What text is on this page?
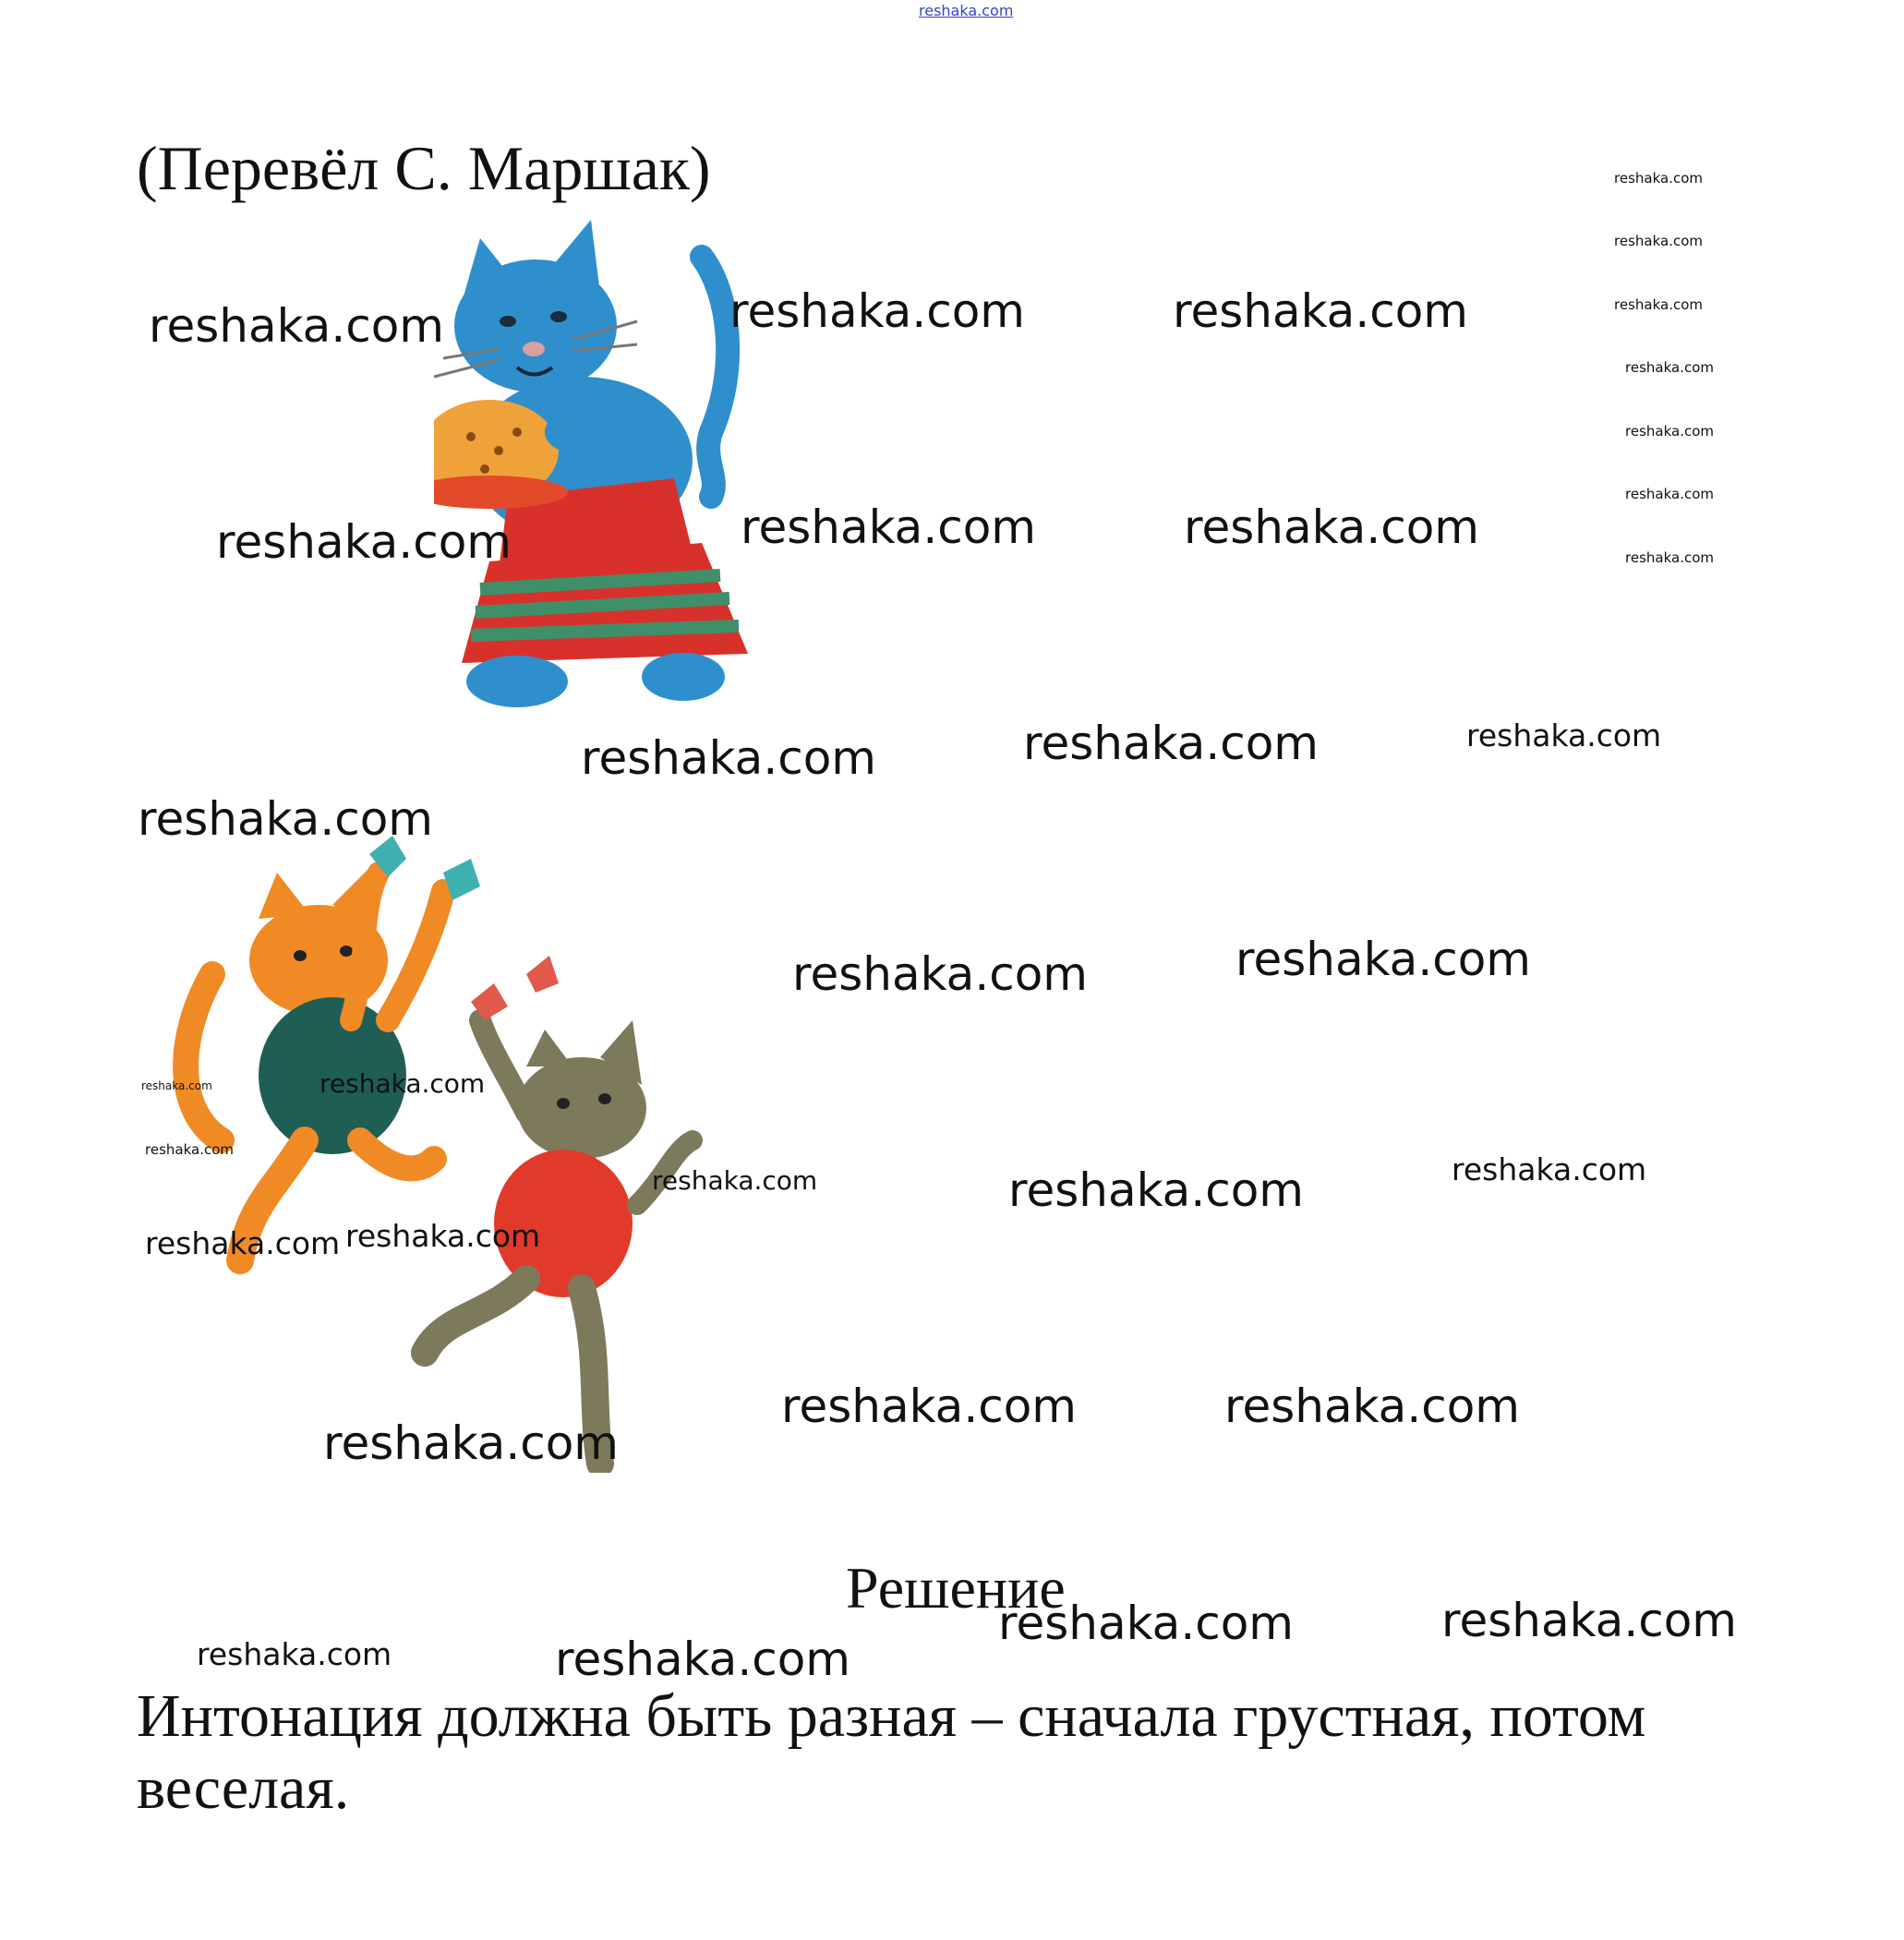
reshaka.com
(Перевёл С. Маршак)
Решение
Интонация должна быть разная – сначала грустная, потом веселая.
reshaka.com
reshaka.com
reshaka.com
reshaka.com
reshaka.com
reshaka.com
reshaka.com
reshaka.com	reshaka.com	reshaka.com
reshaka.com	reshaka.com	reshaka.com
reshaka.com	reshaka.com	reshaka.com
reshaka.com
reshaka.com	reshaka.com
reshaka.com
reshaka.com
reshaka.com
reshaka.com	reshaka.com	reshaka.com
reshaka.com
reshaka.com
reshaka.com	reshaka.com
reshaka.com
reshaka.com	reshaka.com
reshaka.com	reshaka.com
